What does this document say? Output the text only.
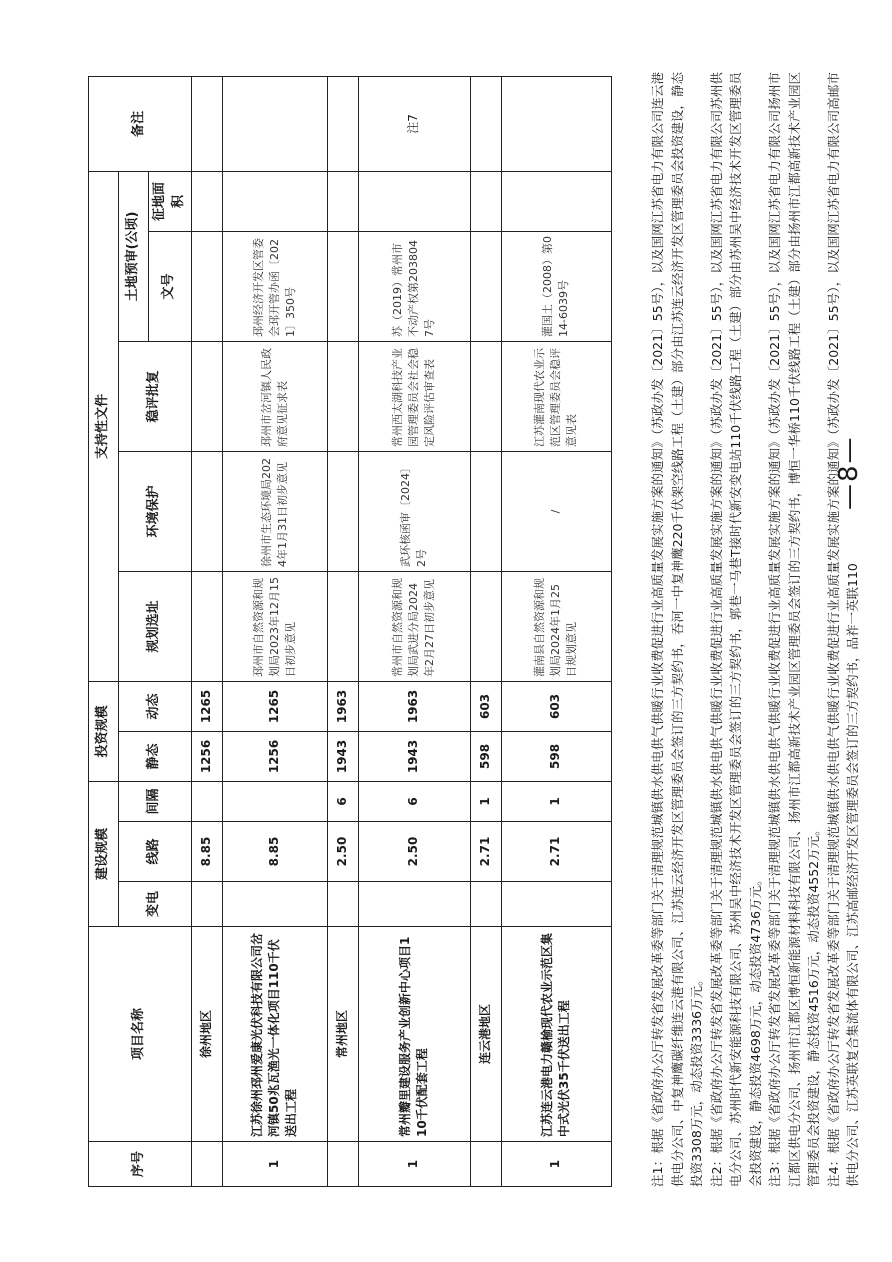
序号	项目名称	建设规模			投资规模		支持性文件					备注
		变电	线路	间隔	静态	动态	规划选址	环境保护	稳评批复	土地预审(公顷)		
										文号	征地面积	
	徐州地区		8.85		1256	1265						
1	江苏徐州邳州爱康光伏科技有限公司岔河镇50兆瓦渔光一体化项目110千伏送出工程		8.85		1256	1265	邳州市自然资源和规划局2023年12月15日初步意见	徐州市生态环境局2024年1月31日初步意见	邳州市岔河镇人民政府意见征求表	邳州经济开发区管委会邳开管办函〔2021〕350号		
	常州地区		2.50	6	1943	1963						
1	常州瓣里建设服务产业创新中心项目110千伏配套工程		2.50	6	1943	1963	常州市自然资源和规划局武进分局2024年2月27日初步意见	武环核函审〔2024〕2号	常州西太湖科技产业园管理委员会社会稳定风险评估审查表	苏（2019）常州市不动产权第2038047号		注7
	连云港地区		2.71	1	598	603						
1	江苏连云港电力赣榆现代农业示范区集中式光伏35千伏送出工程		2.71	1	598	603	灌南县自然资源和规划局2024年1月25日规划意见	/	江苏灌南现代农业示范区管理委员会稳评意见表	灌国土（2008）第014-6039号			注1：根据《省政府办公厅转发省发展改革委等部门关于清理规范城镇供水供电供气供暖行业收费促进行业高质量发展实施方案的通知》（苏政办发〔2021〕55号），以及国网江苏省电力有限公司连云港供电分公司、中复神鹰碳纤维连云港有限公司、江苏连云经济开发区管理委员会签订的三方契约书，吞河一中复神鹰220千伏架空线路工程（土建）部分由江苏连云经济开发区管理委员会投资建设，静态投资3308万元，动态投资3336万元。 注2：根据《省政府办公厅转发省发展改革委等部门关于清理规范城镇供水供电供气供暖行业收费促进行业高质量发展实施方案的通知》（苏政办发〔2021〕55号），以及国网江苏省电力有限公司苏州供电分公司、苏州时代新安能源科技有限公司、苏州吴中经济技术开发区管理委员会签订的三方契约书，郭巷一马巷T接时代新安变电站110千伏线路工程（土建）部分由苏州吴中经济技术开发区管理委员会投资建设，静态投资4698万元，动态投资4736万元。 注3：根据《省政府办公厅转发省发展改革委等部门关于清理规范城镇供水供电供气供暖行业收费促进行业高质量发展实施方案的通知》（苏政办发〔2021〕55号），以及国网江苏省电力有限公司扬州市江都区供电分公司、扬州市江都区博恒新能源材料科技有限公司、扬州市江都高新技术产业园区管理委员会签订的三方契约书，博恒一华桥110千伏线路工程（土建）部分由扬州市江都高新技术产业园区管理委员会投资建设，静态投资4516万元，动态投资4552万元。 注4：根据《省政府办公厅转发省发展改革委等部门关于清理规范城镇供水供电供气供暖行业收费促进行业高质量发展实施方案的通知》（苏政办发〔2021〕55号），以及国网江苏省电力有限公司高邮市供电分公司、江苏英联复合集流体有限公司、江苏高邮经济开发区管理委员会签订的三方契约书，品祚一英联110

—8—
